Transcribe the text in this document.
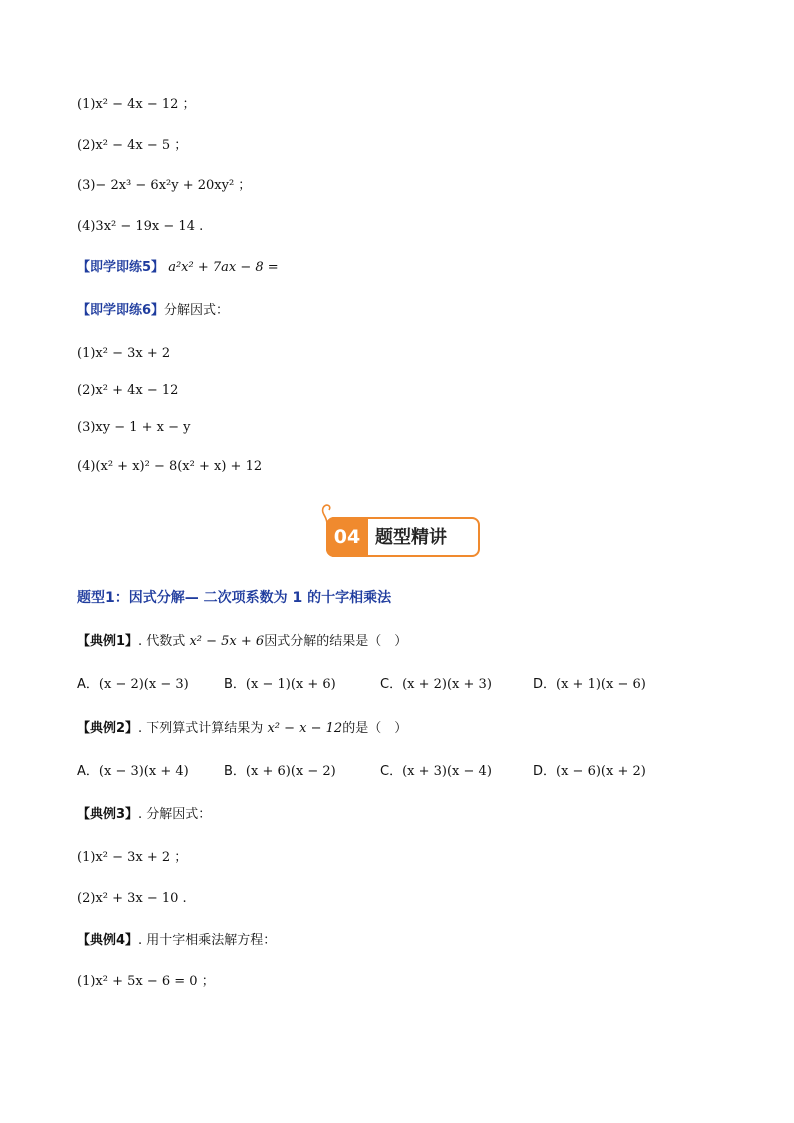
(1)x² − 4x − 12 ；
(2)x² − 4x − 5 ；
(3)− 2x³ − 6x²y + 20xy² ；
(4)3x² − 19x − 14 .
【即学即练5】 a²x² + 7ax − 8 =
【即学即练6】分解因式：
(1)x² − 3x + 2
(2)x² + 4x − 12
(3)xy − 1 + x − y
(4)(x² + x)² − 8(x² + x) + 12
04 题型精讲
题型1：因式分解— 二次项系数为 1 的十字相乘法
【典例1】. 代数式 x² − 5x + 6因式分解的结果是（　）
A．(x − 2)(x − 3)	B．(x − 1)(x + 6)	C．(x + 2)(x + 3)	D．(x + 1)(x − 6)
【典例2】. 下列算式计算结果为 x² − x − 12的是（　）
A．(x − 3)(x + 4)	B．(x + 6)(x − 2)	C．(x + 3)(x − 4)	D．(x − 6)(x + 2)
【典例3】. 分解因式：
(1)x² − 3x + 2 ；
(2)x² + 3x − 10 .
【典例4】. 用十字相乘法解方程：
(1)x² + 5x − 6 = 0 ；
